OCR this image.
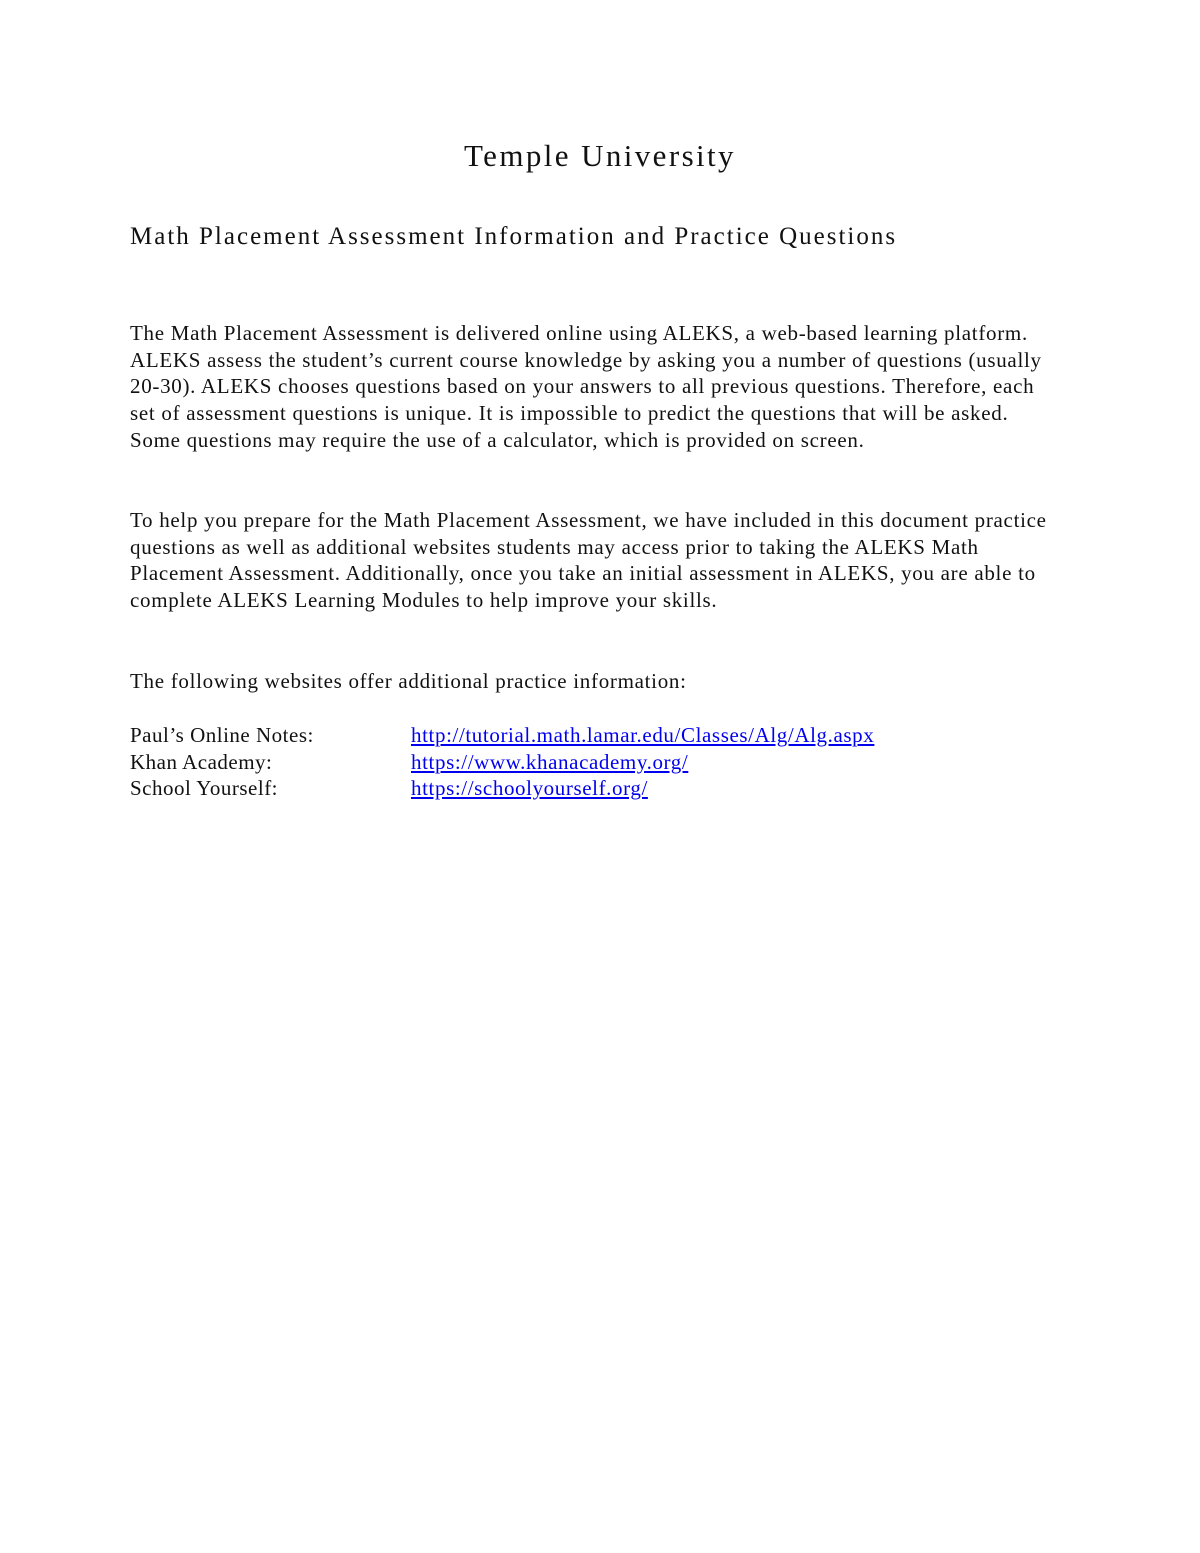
Temple University
Math Placement Assessment Information and Practice Questions

The Math Placement Assessment is delivered online using ALEKS, a web-based learning platform. ALEKS assess the student’s current course knowledge by asking you a number of questions (usually 20-30). ALEKS chooses questions based on your answers to all previous questions. Therefore, each set of assessment questions is unique. It is impossible to predict the questions that will be asked. Some questions may require the use of a calculator, which is provided on screen.

To help you prepare for the Math Placement Assessment, we have included in this document practice questions as well as additional websites students may access prior to taking the ALEKS Math Placement Assessment. Additionally, once you take an initial assessment in ALEKS, you are able to complete ALEKS Learning Modules to help improve your skills.

The following websites offer additional practice information:

Paul’s Online Notes:	http://tutorial.math.lamar.edu/Classes/Alg/Alg.aspx
Khan Academy:	https://www.khanacademy.org/
School Yourself:	https://schoolyourself.org/
